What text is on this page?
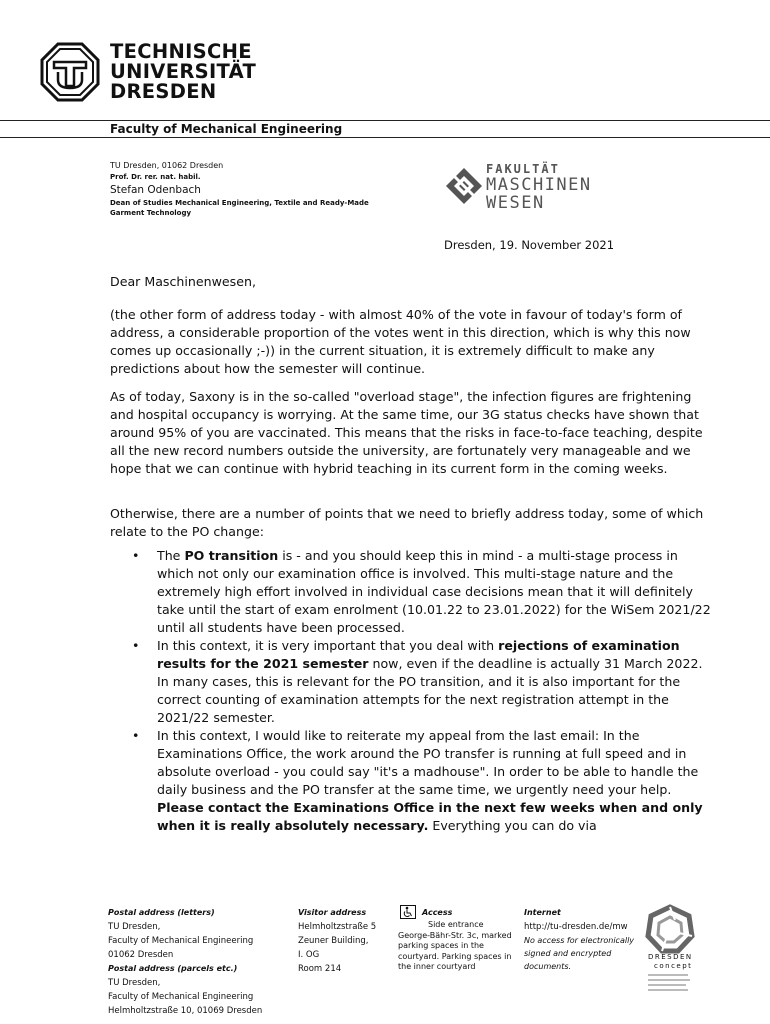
TECHNISCHE
UNIVERSITÄT
DRESDEN
Faculty of Mechanical Engineering
TU Dresden, 01062 Dresden
Prof. Dr. rer. nat. habil.
Stefan Odenbach
Dean of Studies Mechanical Engineering, Textile and Ready-Made Garment Technology
FAKULTÄT
MASCHINEN
WESEN
Dresden, 19. November 2021

Dear Maschinenwesen,

(the other form of address today - with almost 40% of the vote in favour of today's form of address, a considerable proportion of the votes went in this direction, which is why this now comes up occasionally ;-)) in the current situation, it is extremely difficult to make any predictions about how the semester will continue.

As of today, Saxony is in the so-called "overload stage", the infection figures are frightening and hospital occupancy is worrying. At the same time, our 3G status checks have shown that around 95% of you are vaccinated. This means that the risks in face-to-face teaching, despite all the new record numbers outside the university, are fortunately very manageable and we hope that we can continue with hybrid teaching in its current form in the coming weeks.

Otherwise, there are a number of points that we need to briefly address today, some of which relate to the PO change:

• The PO transition is - and you should keep this in mind - a multi-stage process in which not only our examination office is involved. This multi-stage nature and the extremely high effort involved in individual case decisions mean that it will definitely take until the start of exam enrolment (10.01.22 to 23.01.2022) for the WiSem 2021/22 until all students have been processed.
• In this context, it is very important that you deal with rejections of examination results for the 2021 semester now, even if the deadline is actually 31 March 2022. In many cases, this is relevant for the PO transition, and it is also important for the correct counting of examination attempts for the next registration attempt in the 2021/22 semester.
• In this context, I would like to reiterate my appeal from the last email: In the Examinations Office, the work around the PO transfer is running at full speed and in absolute overload - you could say "it's a madhouse". In order to be able to handle the daily business and the PO transfer at the same time, we urgently need your help. Please contact the Examinations Office in the next few weeks when and only when it is really absolutely necessary. Everything you can do via
Postal address (letters)
TU Dresden,
Faculty of Mechanical Engineering
01062 Dresden
Postal address (parcels etc.)
TU Dresden,
Faculty of Mechanical Engineering
Helmholtzstraße 10, 01069 Dresden
Visitor address
Helmholtzstraße 5
Zeuner Building,
I. OG
Room 214
Access
Side entrance George-Bähr-Str. 3c, marked parking spaces in the courtyard. Parking spaces in the inner courtyard
Internet
http://tu-dresden.de/mw
No access for electronically signed and encrypted documents.
DRESDEN
concept
